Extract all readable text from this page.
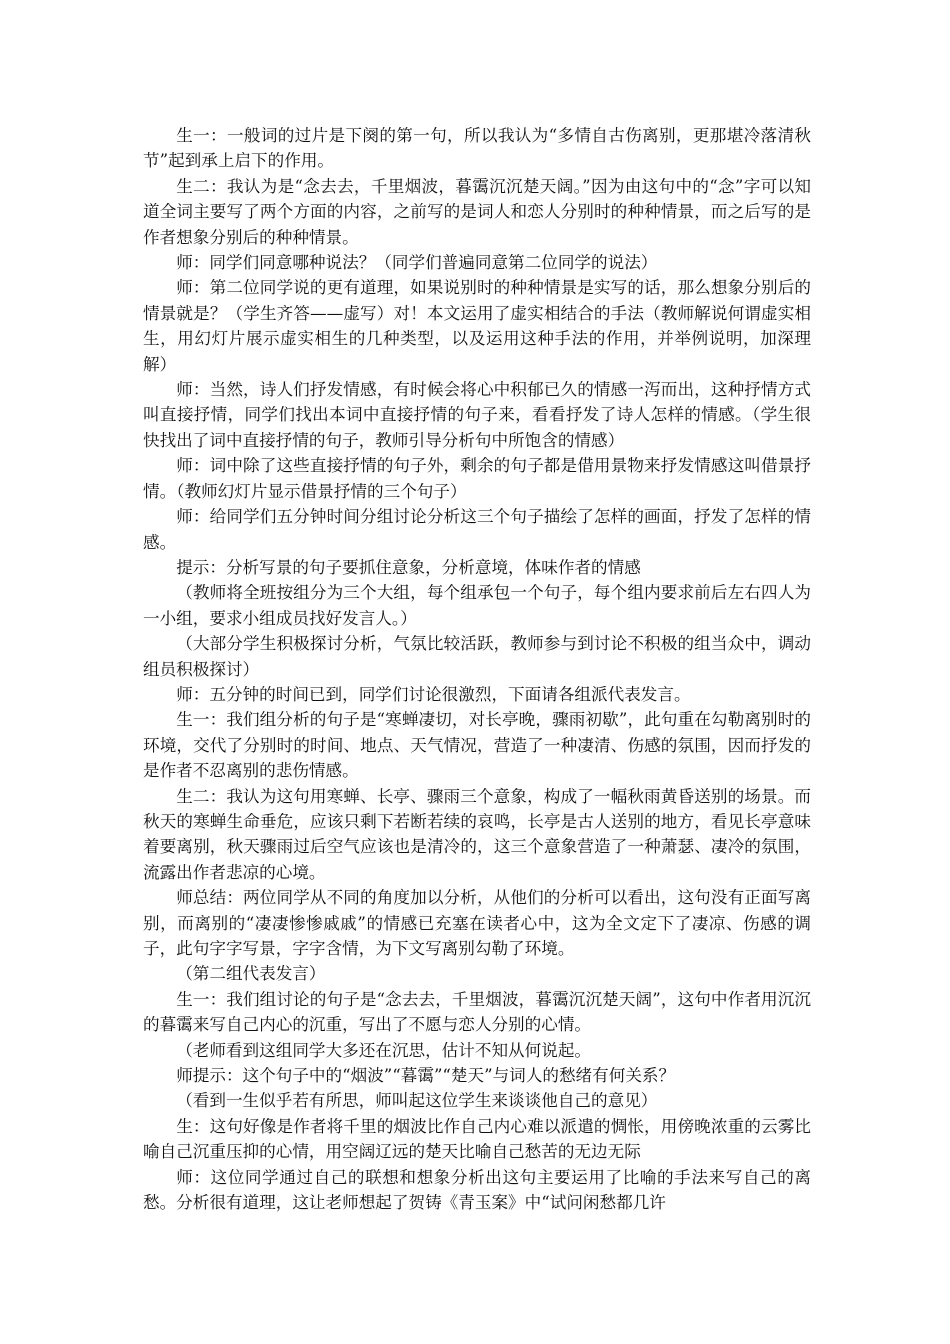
生一：一般词的过片是下阕的第一句，所以我认为“多情自古伤离别，更那堪冷落清秋节”起到承上启下的作用。

生二：我认为是“念去去，千里烟波，暮霭沉沉楚天阔。”因为由这句中的“念”字可以知道全词主要写了两个方面的内容，之前写的是词人和恋人分别时的种种情景，而之后写的是作者想象分别后的种种情景。

师：同学们同意哪种说法？（同学们普遍同意第二位同学的说法）

师：第二位同学说的更有道理，如果说别时的种种情景是实写的话，那么想象分别后的情景就是？（学生齐答——虚写）对！本文运用了虚实相结合的手法（教师解说何谓虚实相生，用幻灯片展示虚实相生的几种类型，以及运用这种手法的作用，并举例说明，加深理解）

师：当然，诗人们抒发情感，有时候会将心中积郁已久的情感一泻而出，这种抒情方式叫直接抒情，同学们找出本词中直接抒情的句子来，看看抒发了诗人怎样的情感。（学生很快找出了词中直接抒情的句子，教师引导分析句中所饱含的情感）

师：词中除了这些直接抒情的句子外，剩余的句子都是借用景物来抒发情感这叫借景抒情。（教师幻灯片显示借景抒情的三个句子）

师：给同学们五分钟时间分组讨论分析这三个句子描绘了怎样的画面，抒发了怎样的情感。

提示：分析写景的句子要抓住意象，分析意境，体味作者的情感

（教师将全班按组分为三个大组，每个组承包一个句子，每个组内要求前后左右四人为一小组，要求小组成员找好发言人。）

（大部分学生积极探讨分析，气氛比较活跃，教师参与到讨论不积极的组当众中，调动组员积极探讨）

师：五分钟的时间已到，同学们讨论很激烈，下面请各组派代表发言。

生一：我们组分析的句子是“寒蝉凄切，对长亭晚，骤雨初歇”，此句重在勾勒离别时的环境，交代了分别时的时间、地点、天气情况，营造了一种凄清、伤感的氛围，因而抒发的是作者不忍离别的悲伤情感。

生二：我认为这句用寒蝉、长亭、骤雨三个意象，构成了一幅秋雨黄昏送别的场景。而秋天的寒蝉生命垂危，应该只剩下若断若续的哀鸣，长亭是古人送别的地方，看见长亭意味着要离别，秋天骤雨过后空气应该也是清冷的，这三个意象营造了一种萧瑟、凄冷的氛围，流露出作者悲凉的心境。

师总结：两位同学从不同的角度加以分析，从他们的分析可以看出，这句没有正面写离别，而离别的“凄凄惨惨戚戚”的情感已充塞在读者心中，这为全文定下了凄凉、伤感的调子，此句字字写景，字字含情，为下文写离别勾勒了环境。

（第二组代表发言）

生一：我们组讨论的句子是“念去去，千里烟波，暮霭沉沉楚天阔”，这句中作者用沉沉的暮霭来写自己内心的沉重，写出了不愿与恋人分别的心情。

（老师看到这组同学大多还在沉思，估计不知从何说起。

师提示：这个句子中的“烟波”“暮霭”“楚天”与词人的愁绪有何关系？

（看到一生似乎若有所思，师叫起这位学生来谈谈他自己的意见）

生：这句好像是作者将千里的烟波比作自己内心难以派遣的惆怅，用傍晚浓重的云雾比喻自己沉重压抑的心情，用空阔辽远的楚天比喻自己愁苦的无边无际

师：这位同学通过自己的联想和想象分析出这句主要运用了比喻的手法来写自己的离愁。分析很有道理，这让老师想起了贺铸《青玉案》中“试问闲愁都几许
